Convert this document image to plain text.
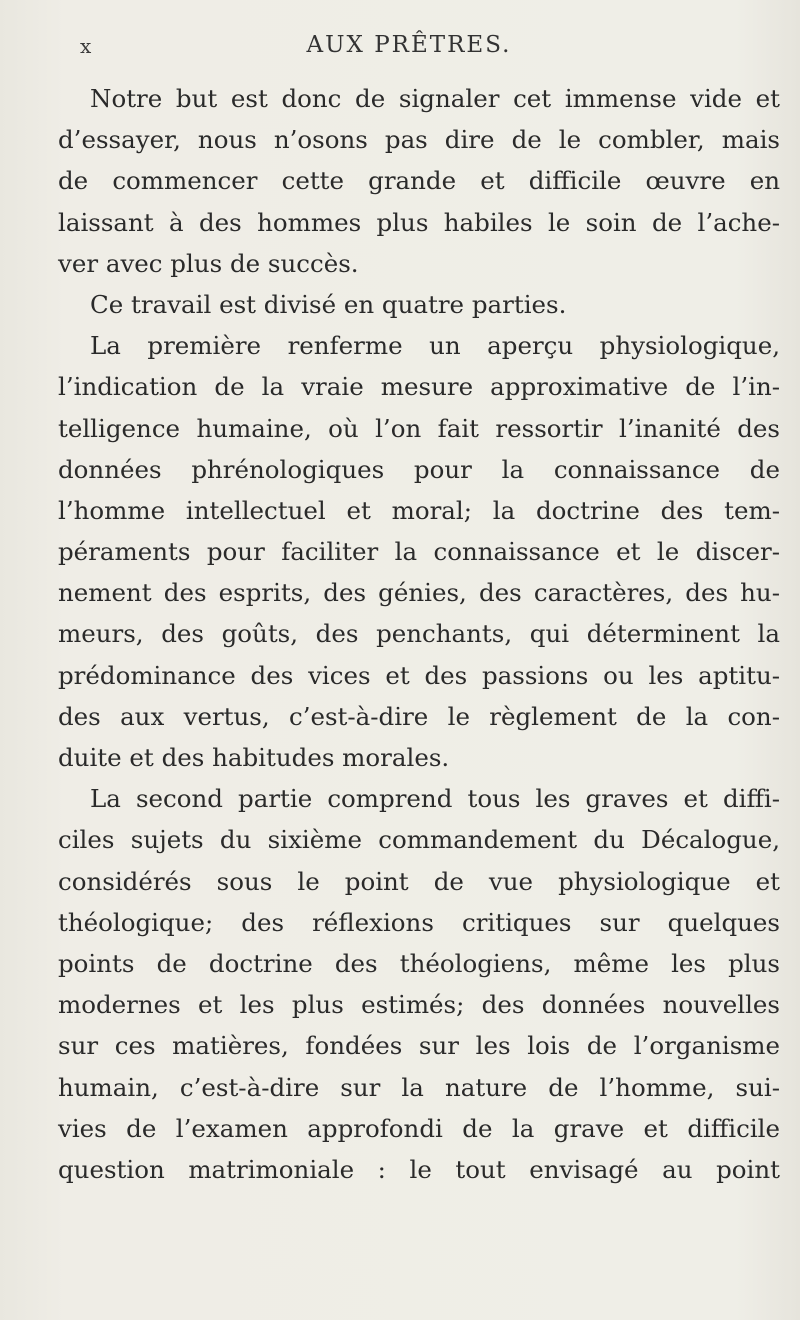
x	AUX PRÊTRES.
Notre but est donc de signaler cet immense vide et
d’essayer, nous n’osons pas dire de le combler, mais
de commencer cette grande et difficile œuvre en
laissant à des hommes plus habiles le soin de l’ache-
ver avec plus de succès.
Ce travail est divisé en quatre parties.
La première renferme un aperçu physiologique,
l’indication de la vraie mesure approximative de l’in-
telligence humaine, où l’on fait ressortir l’inanité des
données phrénologiques pour la connaissance de
l’homme intellectuel et moral; la doctrine des tem-
péraments pour faciliter la connaissance et le discer-
nement des esprits, des génies, des caractères, des hu-
meurs, des goûts, des penchants, qui déterminent la
prédominance des vices et des passions ou les aptitu-
des aux vertus, c’est-à-dire le règlement de la con-
duite et des habitudes morales.
La second partie comprend tous les graves et diffi-
ciles sujets du sixième commandement du Décalogue,
considérés sous le point de vue physiologique et
théologique; des réflexions critiques sur quelques
points de doctrine des théologiens, même les plus
modernes et les plus estimés; des données nouvelles
sur ces matières, fondées sur les lois de l’organisme
humain, c’est-à-dire sur la nature de l’homme, sui-
vies de l’examen approfondi de la grave et difficile
question matrimoniale : le tout envisagé au point
